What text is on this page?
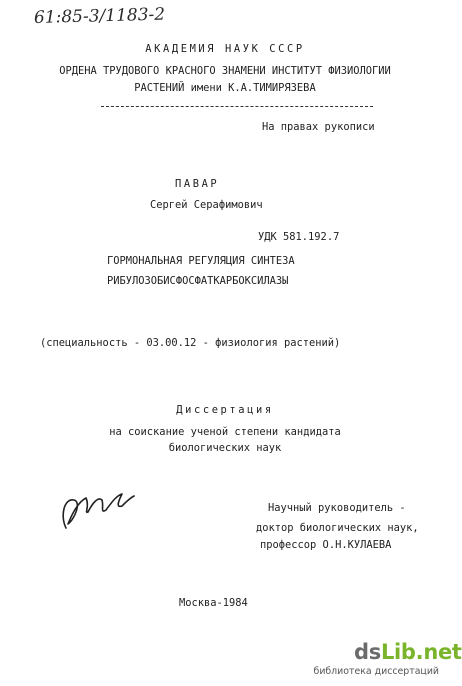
61:85-3/1183-2
АКАДЕМИЯ НАУК СССР
ОРДЕНА ТРУДОВОГО КРАСНОГО ЗНАМЕНИ ИНСТИТУТ ФИЗИОЛОГИИ
РАСТЕНИЙ имени К.А.ТИМИРЯЗЕВА
На правах рукописи
ПАВАР
Сергей Серафимович
УДК 581.192.7
ГОРМОНАЛЬНАЯ РЕГУЛЯЦИЯ СИНТЕЗА
РИБУЛОЗОБИСФОСФАТКАРБОКСИЛАЗЫ
(специальность - 03.00.12 - физиология растений)
Диссертация
на соискание ученой степени кандидата
биологических наук
Научный руководитель -
доктор биологических наук,
профессор О.Н.КУЛАЕВА
Москва-1984
dsLib.net
библиотека диссертаций
